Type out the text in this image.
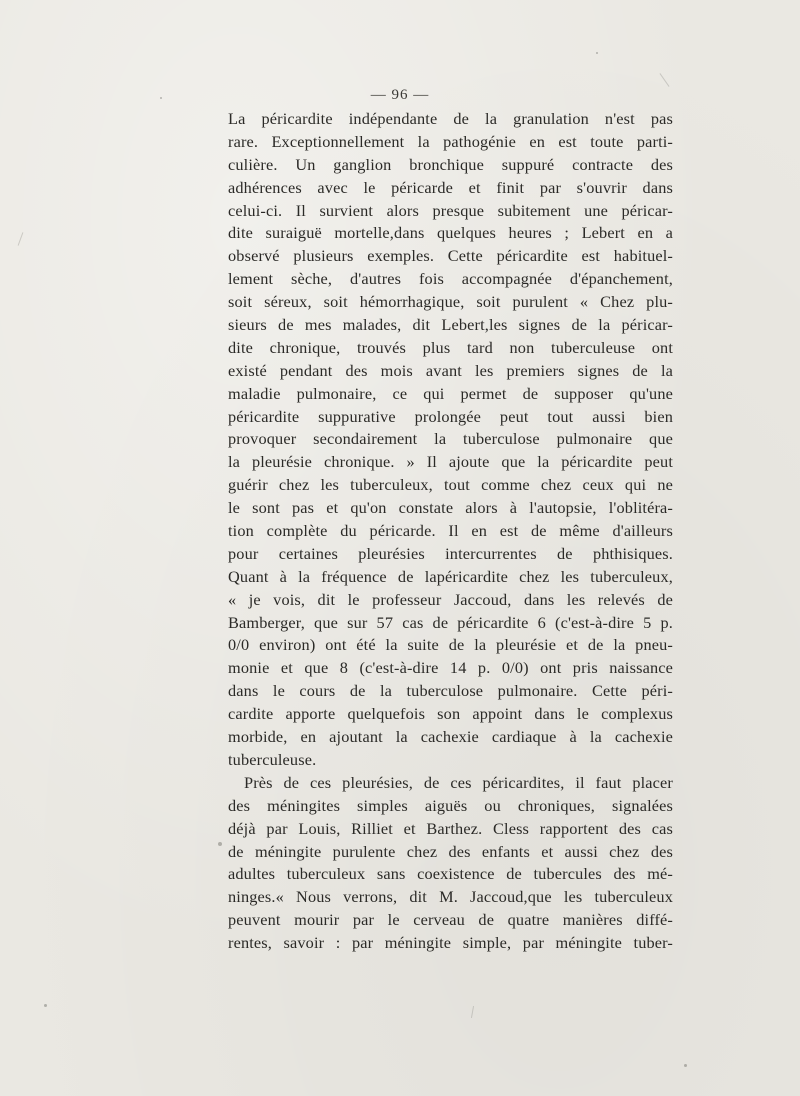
— 96 —
La péricardite indépendante de la granulation n'est pas
rare. Exceptionnellement la pathogénie en est toute parti-
culière. Un ganglion bronchique suppuré contracte des
adhérences avec le péricarde et finit par s'ouvrir dans
celui-ci. Il survient alors presque subitement une péricar-
dite suraiguë mortelle,dans quelques heures ; Lebert en a
observé plusieurs exemples. Cette péricardite est habituel-
lement sèche, d'autres fois accompagnée d'épanchement,
soit séreux, soit hémorrhagique, soit purulent « Chez plu-
sieurs de mes malades, dit Lebert,les signes de la péricar-
dite chronique, trouvés plus tard non tuberculeuse ont
existé pendant des mois avant les premiers signes de la
maladie pulmonaire, ce qui permet de supposer qu'une
péricardite suppurative prolongée peut tout aussi bien
provoquer secondairement la tuberculose pulmonaire que
la pleurésie chronique. » Il ajoute que la péricardite peut
guérir chez les tuberculeux, tout comme chez ceux qui ne
le sont pas et qu'on constate alors à l'autopsie, l'oblitéra-
tion complète du péricarde. Il en est de même d'ailleurs
pour certaines pleurésies intercurrentes de phthisiques.
Quant à la fréquence de lapéricardite chez les tuberculeux,
« je vois, dit le professeur Jaccoud, dans les relevés de
Bamberger, que sur 57 cas de péricardite 6 (c'est-à-dire 5 p.
0/0 environ) ont été la suite de la pleurésie et de la pneu-
monie et que 8 (c'est-à-dire 14 p. 0/0) ont pris naissance
dans le cours de la tuberculose pulmonaire. Cette péri-
cardite apporte quelquefois son appoint dans le complexus
morbide, en ajoutant la cachexie cardiaque à la cachexie
tuberculeuse.
Près de ces pleurésies, de ces péricardites, il faut placer
des méningites simples aiguës ou chroniques, signalées
déjà par Louis, Rilliet et Barthez. Cless rapportent des cas
de méningite purulente chez des enfants et aussi chez des
adultes tuberculeux sans coexistence de tubercules des mé-
ninges.« Nous verrons, dit M. Jaccoud,que les tuberculeux
peuvent mourir par le cerveau de quatre manières diffé-
rentes, savoir : par méningite simple, par méningite tuber-
